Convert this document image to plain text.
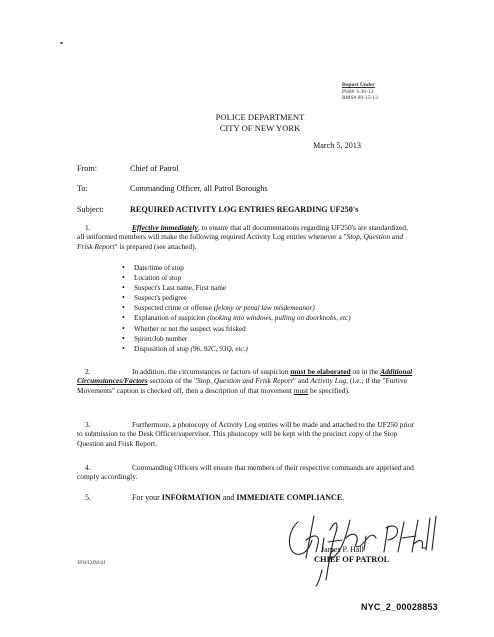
Report Under
PSB# 3-36-13
RMS# 89-15-13
POLICE DEPARTMENT
CITY OF NEW YORK
March 5, 2013
From:	Chief of Patrol
To:	Commanding Officer, all Patrol Boroughs
Subject:	REQUIRED ACTIVITY LOG ENTRIES REGARDING UF250's
1.	Effective immediately, to ensure that all documentations regarding UF250's are standardized, all uniformed members will make the following required Activity Log entries whenever a "Stop, Question and Frisk Report" is prepared (see attached).
•	Date/time of stop
•	Location of stop
•	Suspect's Last name, First name
•	Suspect's pedigree
•	Suspected crime or offense
(felony or penal law misdemeanor)
•	Explanation of suspicion
(looking into windows, pulling on doorknobs, etc)
•	Whether or not the suspect was frisked
•	Sprint/Job number
•	Disposition of stop
(96, 92C, 93Q, etc.)
2.	In addition, the circumstances or factors of suspicion must be elaborated on in the Additional Circumstances/Factors sections of the "Stop, Question and Frisk Report" and Activity Log, (i.e.; if the "Furtive Movements" caption is checked off, then a description of that movement must be specified).
3.	Furthermore, a photocopy of Activity Log entries will be made and attached to the UF250 prior to submission to the Desk Officer/supervisor. This photocopy will be kept with the precinct copy of the Stop Question and Frisk Report.
4.	Commanding Officers will ensure that members of their respective commands are apprised and comply accordingly.
5.	For your INFORMATION and IMMEDIATE COMPLIANCE.
James P. Hall
CHIEF OF PATROL
JPH/DJM/df
NYC_2_00028853
